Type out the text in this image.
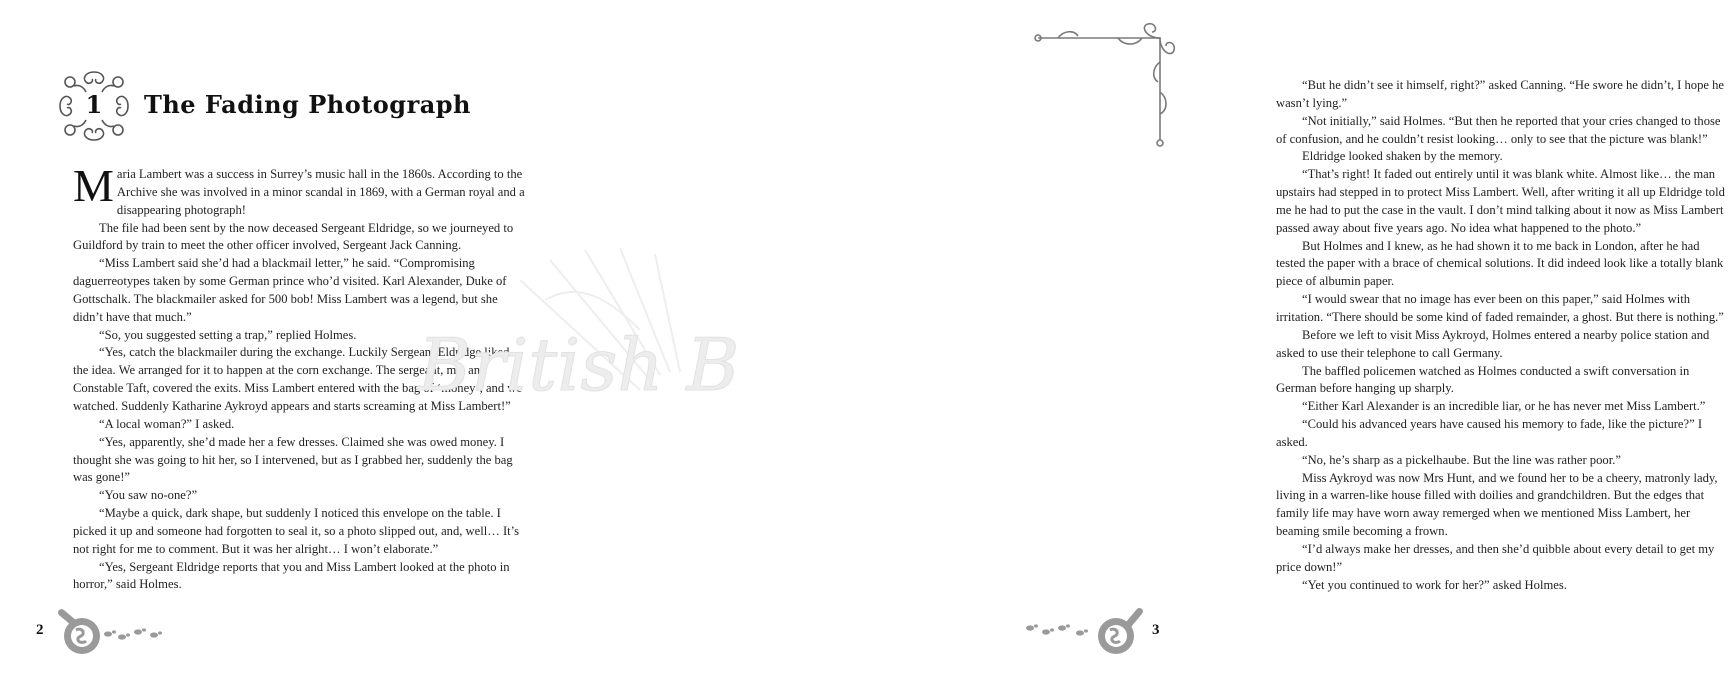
1	The Fading Photograph

Maria Lambert was a success in Surrey’s music hall in the 1860s. According to the Archive she was involved in a minor scandal in 1869, with a German royal and a disappearing photograph!

The file had been sent by the now deceased Sergeant Eldridge, so we journeyed to Guildford by train to meet the other officer involved, Sergeant Jack Canning.

“Miss Lambert said she’d had a blackmail letter,” he said. “Compromising daguerreotypes taken by some German prince who’d visited. Karl Alexander, Duke of Gottschalk. The blackmailer asked for 500 bob! Miss Lambert was a legend, but she didn’t have that much.”

“So, you suggested setting a trap,” replied Holmes.

“Yes, catch the blackmailer during the exchange. Luckily Sergeant Eldridge liked the idea. We arranged for it to happen at the corn exchange. The sergeant, me, and Constable Taft, covered the exits. Miss Lambert entered with the bag of ‘money’, and we watched. Suddenly Katharine Aykroyd appears and starts screaming at Miss Lambert!”

“A local woman?” I asked.

“Yes, apparently, she’d made her a few dresses. Claimed she was owed money. I thought she was going to hit her, so I intervened, but as I grabbed her, suddenly the bag was gone!”

“You saw no-one?”

“Maybe a quick, dark shape, but suddenly I noticed this envelope on the table. I picked it up and someone had forgotten to seal it, so a photo slipped out, and, well… It’s not right for me to comment. But it was her alright… I won’t elaborate.”

“Yes, Sergeant Eldridge reports that you and Miss Lambert looked at the photo in horror,” said Holmes.

2
British B

“But he didn’t see it himself, right?” asked Canning. “He swore he didn’t, I hope he wasn’t lying.”

“Not initially,” said Holmes. “But then he reported that your cries changed to those of confusion, and he couldn’t resist looking… only to see that the picture was blank!”

Eldridge looked shaken by the memory.

“That’s right! It faded out entirely until it was blank white. Almost like… the man upstairs had stepped in to protect Miss Lambert. Well, after writing it all up Eldridge told me he had to put the case in the vault. I don’t mind talking about it now as Miss Lambert passed away about five years ago. No idea what happened to the photo.”

But Holmes and I knew, as he had shown it to me back in London, after he had tested the paper with a brace of chemical solutions. It did indeed look like a totally blank piece of albumin paper.

“I would swear that no image has ever been on this paper,” said Holmes with irritation. “There should be some kind of faded remainder, a ghost. But there is nothing.”

Before we left to visit Miss Aykroyd, Holmes entered a nearby police station and asked to use their telephone to call Germany.

The baffled policemen watched as Holmes conducted a swift conversation in German before hanging up sharply.

“Either Karl Alexander is an incredible liar, or he has never met Miss Lambert.”

“Could his advanced years have caused his memory to fade, like the picture?” I asked.

“No, he’s sharp as a pickelhaube. But the line was rather poor.”

Miss Aykroyd was now Mrs Hunt, and we found her to be a cheery, matronly lady, living in a warren-like house filled with doilies and grandchildren. But the edges that family life may have worn away remerged when we mentioned Miss Lambert, her beaming smile becoming a frown.

“I’d always make her dresses, and then she’d quibble about every detail to get my price down!”

“Yet you continued to work for her?” asked Holmes.

3
